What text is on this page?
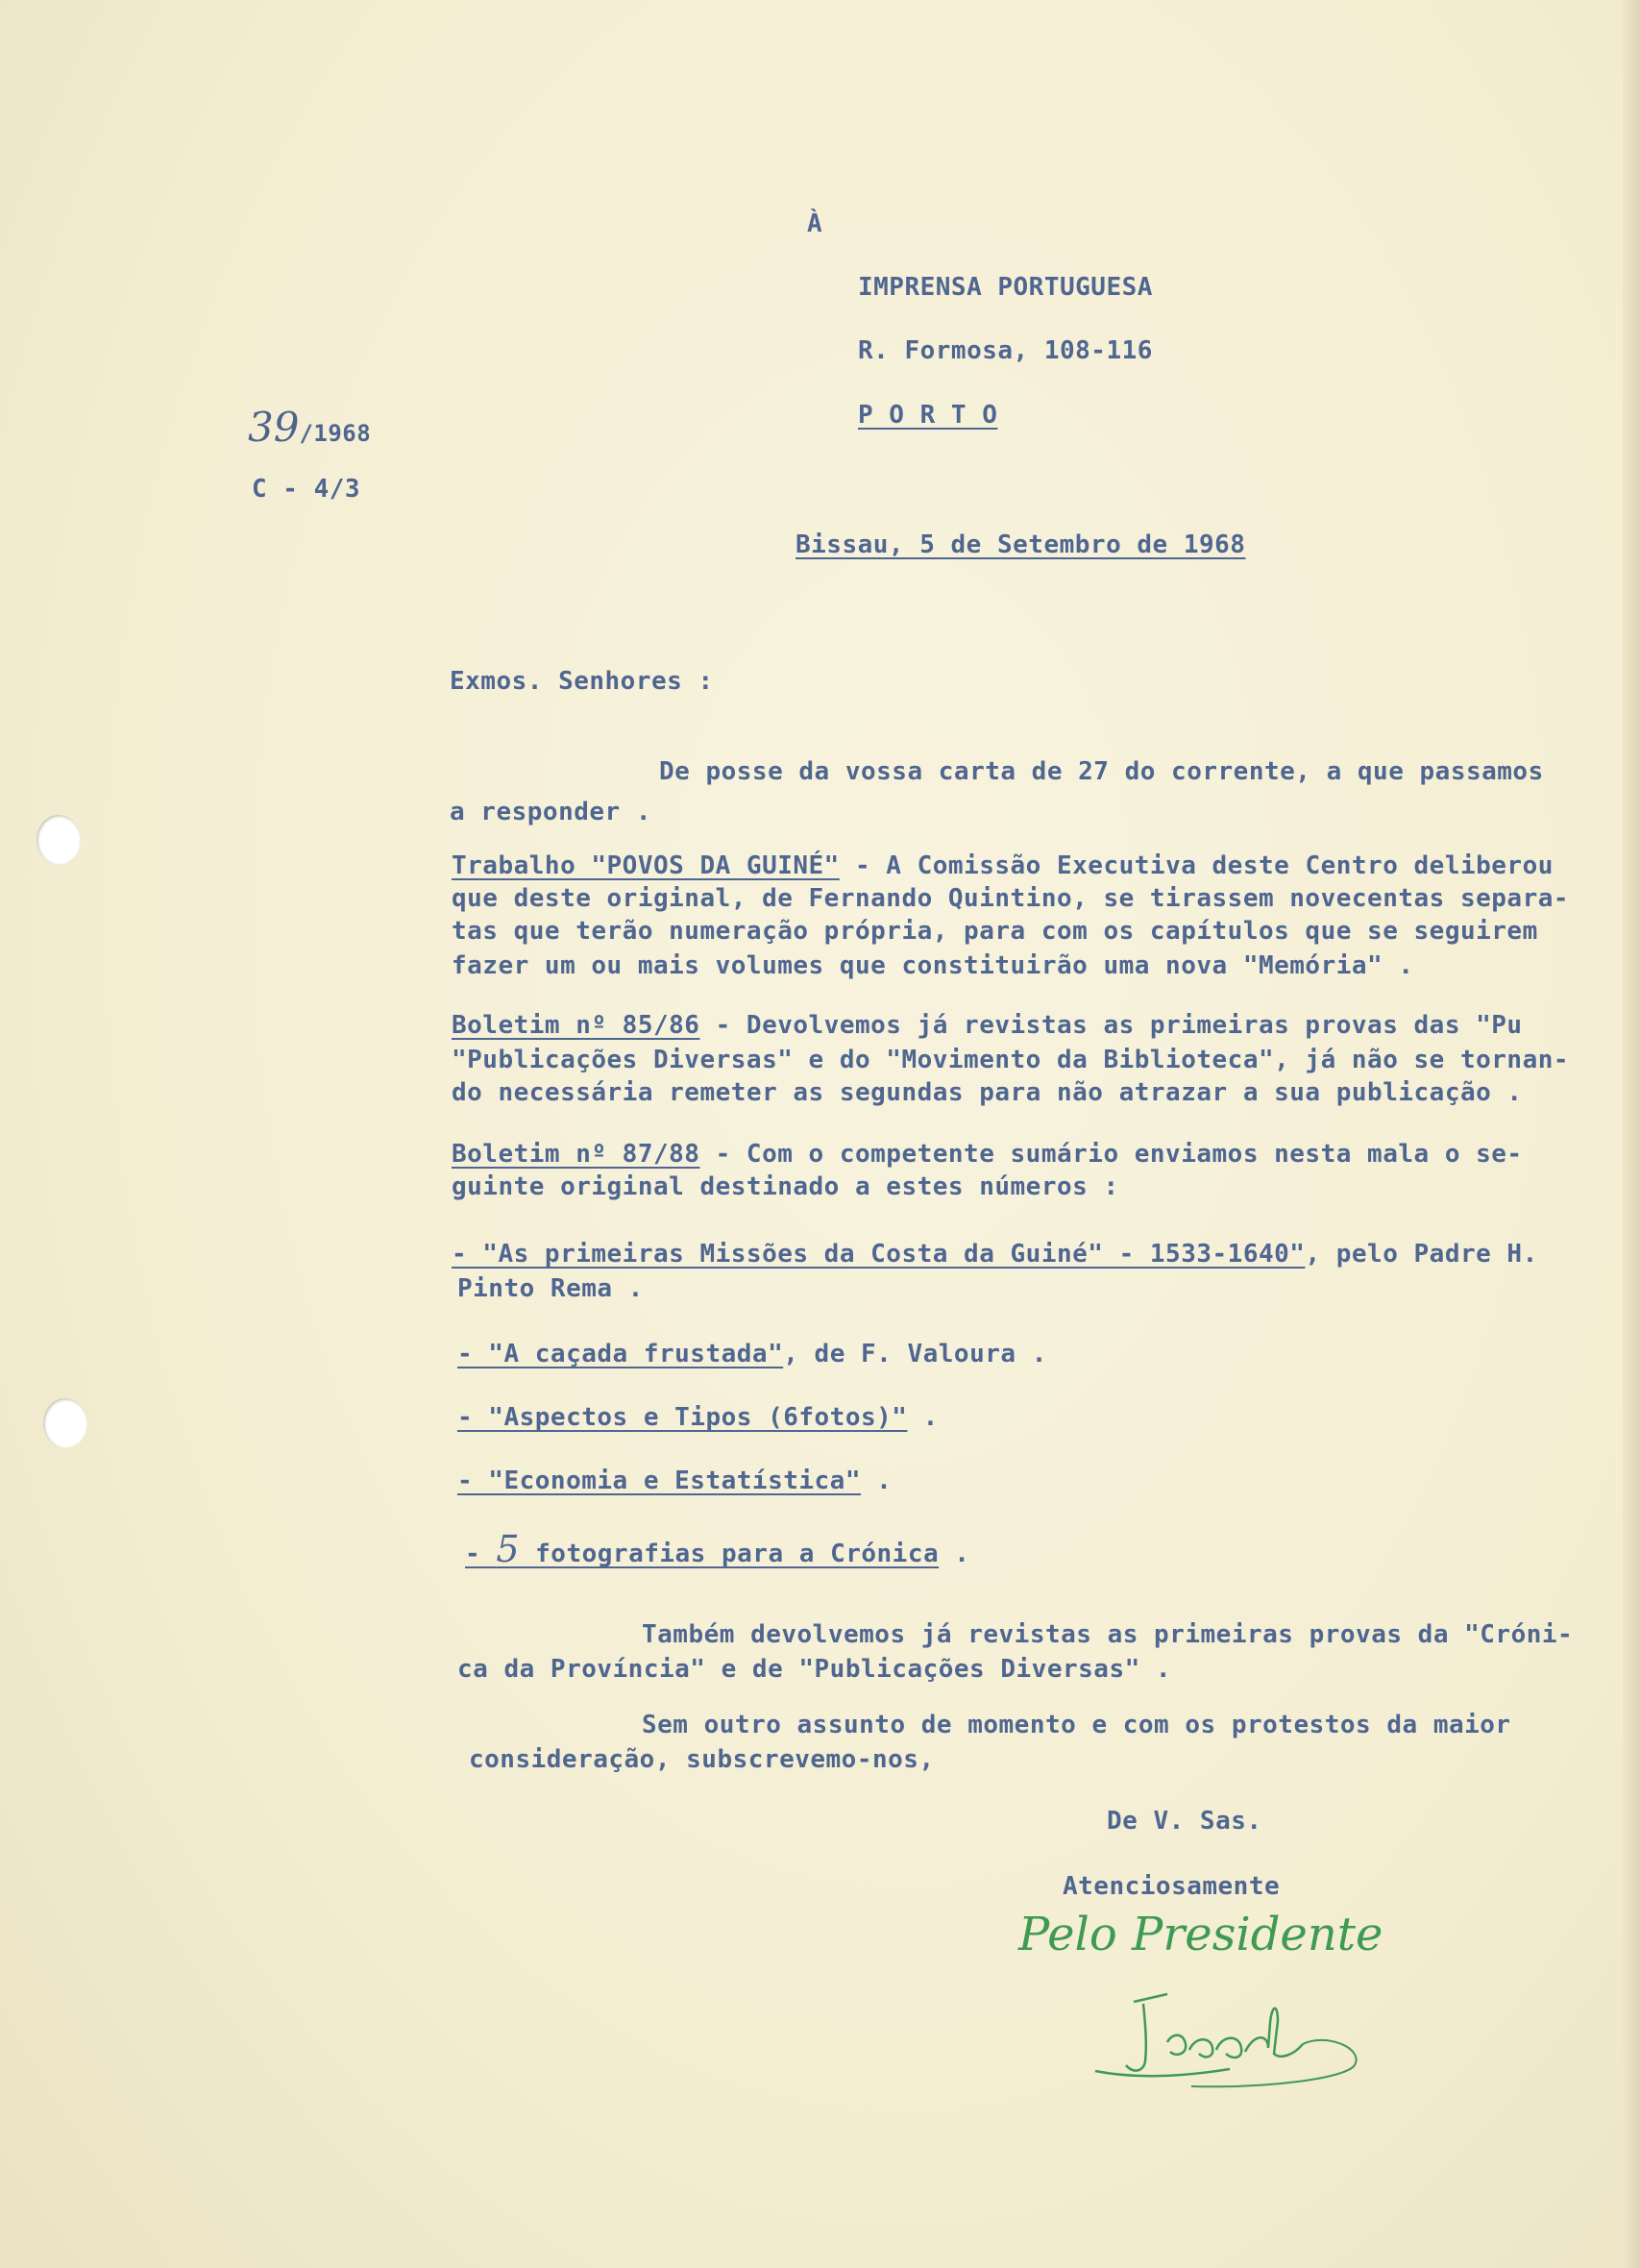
À

IMPRENSA PORTUGUESA

R. Formosa, 108-116

P O R T O

39/1968

C - 4/3

Bissau, 5 de Setembro de 1968

Exmos. Senhores :

De posse da vossa carta de 27 do corrente, a que passamos

a responder .

Trabalho "POVOS DA GUINÉ" - A Comissão Executiva deste Centro deliberou

que deste original, de Fernando Quintino, se tirassem novecentas separa-

tas que terão numeração própria, para com os capítulos que se seguirem

fazer um ou mais volumes que constituirão uma nova "Memória" .

Boletim nº 85/86 - Devolvemos já revistas as primeiras provas das "Pu

"Publicações Diversas" e do "Movimento da Biblioteca", já não se tornan-

do necessária remeter as segundas para não atrazar a sua publicação .

Boletim nº 87/88 - Com o competente sumário enviamos nesta mala o se-

guinte original destinado a estes números :

- "As primeiras Missões da Costa da Guiné" - 1533-1640", pelo Padre H.

Pinto Rema .

- "A caçada frustada", de F. Valoura .

- "Aspectos e Tipos (6fotos)" .

- "Economia e Estatística" .

- 5 fotografias para a Crónica .

Também devolvemos já revistas as primeiras provas da "Cróni-

ca da Província" e de "Publicações Diversas" .

Sem outro assunto de momento e com os protestos da maior

consideração, subscrevemo-nos,

De V. Sas.

Atenciosamente

Pelo Presidente
